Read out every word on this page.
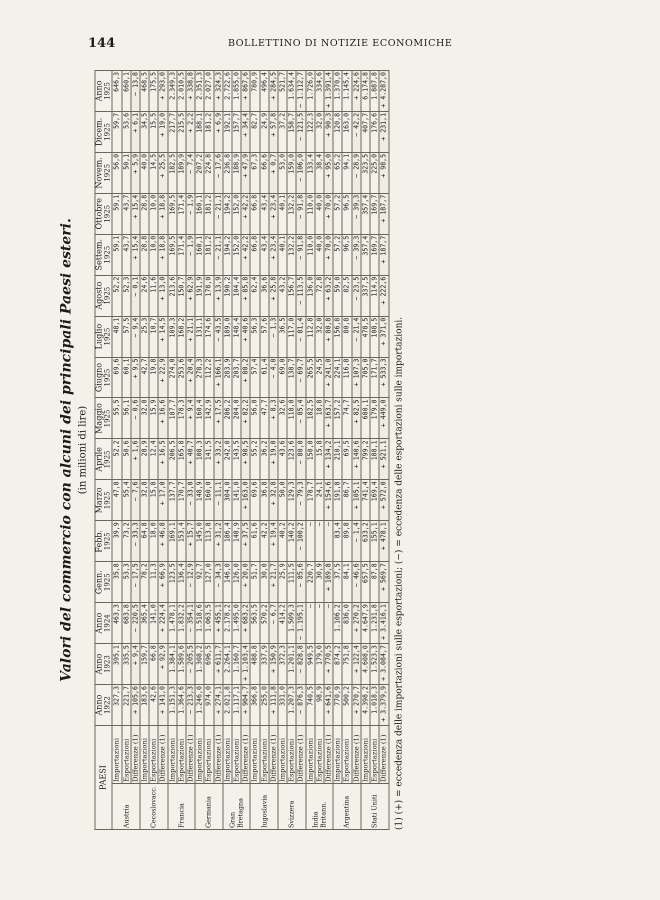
144	BOLLETTINO DI NOTIZIE ECONOMICHE
Valori del commercio con alcuni dei principali Paesi esteri. (in milioni di lire)
PAESI		Anno 1922	Anno 1923	Anno 1924	Genn. 1925	Febb. 1925	Marzo 1925	Aprile 1925	Maggio 1925	Giugno 1925	Luglio 1925	Agosto 1925	Settem. 1925	Ottobre 1925	Novem. 1925	Dicem. 1925	Anno 1925

Austria	Importazioni	327,3	395,1	463,3	35,8	39,9	47,8	52,2	55,5	69,6	48,1	52,2	59,1	59,1	56,0	59,7	646,3
	Esportazioni	221,7	335,5	683,8	53,3	73,2	55,4	50,6	56,1	60,1	57,5	52,3	43,7	43,7	50,1	53,6	660,1
	Differenze (1)	+ 105,6	+ 9,4	− 220,5	− 17,5	− 33,3	− 7,6	+ 1,6	− 0,6	+ 9,5	− 9,4	− 0,1	+ 15,4	+ 15,4	+ 5,9	+ 6,1	− 13,8
Cecoslovacc.	Importazioni	183,6	159,7	365,4	78,2	64,8	32,8	28,9	32,0	42,7	25,3	24,6	28,8	28,8	40,0	34,5	468,5
	Esportazioni	42,6	66,8	141,0	11,3	18,0	15,8	12,4	15,9	19,8	10,7	11,6	10,0	10,0	14,5	15,5	175,5
	Differenze (1)	+ 141,0	+ 92,9	+ 224,4	+ 66,9	+ 46,8	+ 17,0	+ 16,5	+ 16,6	+ 22,9	+ 14,5	+ 13,0	+ 18,8	+ 18,8	+ 25,5	+ 19,0	+ 293,0
Francia	Importazioni	1.151,3	1.384,1	1.478,1	123,5	169,1	137,7	206,5	187,7	274,0	189,3	213,6	169,5	169,5	182,5	217,7	2.349,3
	Esportazioni	1.364,6	1.589,6	1.832,2	136,4	153,4	170,7	165,8	178,3	253,6	168,2	150,7	171,4	171,4	189,9	215,5	2.010,5
	Differenze (1)	− 213,3	− 205,5	− 354,1	− 12,9	+ 15,7	− 33,0	+ 40,7	+ 9,4	+ 20,4	+ 21,1	+ 62,9	− 1,9	− 1,9	− 7,4	+ 2,2	+ 338,8
Germania	Importazioni	1.246,0	1.308,2	1.518,6	92,7	145,0	148,9	108,3	160,4	278,3	131,1	191,9	160,1	160,1	207,2	188,1	2.351,3
	Esportazioni	974,0	696,5	1.063,5	127,0	113,8	160,0	141,5	142,9	112,2	174,6	178,0	181,2	181,2	224,8	181,2	2.027,0
	Differenze (1)	+ 274,1	+ 611,7	+ 455,1	− 34,3	+ 31,2	− 11,1	+ 33,2	+ 17,5	+ 166,1	− 43,5	+ 13,9	− 21,1	− 21,1	− 17,6	+ 6,9	+ 324,3
Gran Bretagna	Importazioni	2.021,8	2.264,1	2.178,2	146,0	186,4	304,0	242,0	286,2	283,9	189,0	190,2	194,2	194,2	236,8	192,1	2.722,6
	Esportazioni	1.117,1	1.160,7	1.495,0	126,0	148,9	141,0	143,5	204,0	203,7	148,4	104,4	152,0	152,0	188,9	157,7	1.855,0
	Differenze (1)	+ 904,7	+ 1.103,4	+ 683,2	+ 20,0	+ 37,5	+ 163,0	+ 98,5	+ 82,2	+ 80,2	+ 40,6	+ 85,8	+ 42,2	+ 42,2	+ 47,9	+ 34,4	+ 867,6
Iugoslavia	Importazioni	366,8	488,8	563,5	51,7	61,6	69,6	55,2	56,0	57,4	56,3	62,4	66,8	66,8	67,3	82,7	780,9
	Esportazioni	255,0	337,9	570,2	30,0	42,2	36,8	36,2	47,7	61,4	57,6	36,6	43,4	43,4	66,6	24,9	496,4
	Differenze (1)	+ 111,8	+ 150,9	− 6,7	+ 21,7	+ 19,4	+ 32,8	+ 19,0	+ 8,3	− 4,0	− 1,3	+ 25,8	+ 23,4	+ 23,4	+ 0,7	+ 57,8	+ 284,5
Svizzera	Importazioni	331,0	372,3	414,2	25,9	40,2	50,0	43,6	32,6	69,0	36,5	43,2	40,1	40,1	53,0	37,2	521,7
	Esportazioni	1.207,3	1.201,1	1.509,3	111,5	140,2	129,3	123,6	118,0	138,7	117,0	156,7	132,2	132,2	159,0	158,7	1.634,4
	Differenze (1)	− 876,3	− 828,8	− 1.195,1	− 85,6	− 100,2	− 79,3	− 80,0	− 85,4	− 69,7	− 81,4	− 113,5	− 91,8	− 91,8	− 106,0	− 121,5	− 1.112,7
India Britann.	Importazioni	740,5	949,5	—	220,7	—	178,7	150,0	182,5	265,5	112,8	136,0	110,0	110,0	133,4	122,3	1.726,0
	Esportazioni	98,9	179,0	—	30,9	—	24,1	15,8	18,8	24,5	32,0	72,8	40,0	40,0	38,4	32,0	334,6
	Differenze (1)	+ 641,6	+ 770,5	—	+ 189,8	—	+ 154,6	+ 134,2	+ 163,7	+ 241,0	+ 80,8	+ 63,2	+ 70,0	+ 70,0	+ 95,0	+ 90,3	+ 1.391,4
Argentina	Importazioni	770,9	874,2	1.106,2	37,5	83,4	191,8	210,1	157,2	224,1	156,8	59,0	57,2	57,2	65,2	120,8	1.370,0
	Esportazioni	500,2	751,8	836,0	84,1	89,8	86,7	69,5	74,7	116,8	80,8	82,5	96,5	96,5	94,1	163,0	1.145,4
	Differenze (1)	+ 270,7	+ 122,4	+ 270,2	− 46,6	− 1,4	+ 105,1	+ 140,6	+ 82,5	+ 107,3	− 21,4	− 23,5	− 39,3	− 39,3	− 28,9	− 42,2	+ 224,6
Stati Uniti	Importazioni	4.398,2	4.608,0	4.647,9	657,5	633,2	741,4	799,2	680,1	705,0	478,5	337,5	357,4	357,4	323,5	407,7	6.174,8
	Esportazioni	1.018,3	1.523,3	1.231,8	87,8	155,1	169,4	188,1	179,0	171,7	108,5	114,9	169,7	169,7	225,0	176,6	1.887,8
	Differenze (1)	+ 3.379,9	+ 3.084,7	+ 3.416,1	+ 569,7	+ 478,1	+ 572,0	+ 521,1	+ 449,0	+ 533,3	+ 371,0	+ 222,6	+ 187,7	+ 187,7	+ 98,5	+ 231,1	+ 4.287,0
(1) (+) = eccedenza delle importazioni sulle esportazioni; (−) = eccedenza delle esportazioni sulle importazioni.
